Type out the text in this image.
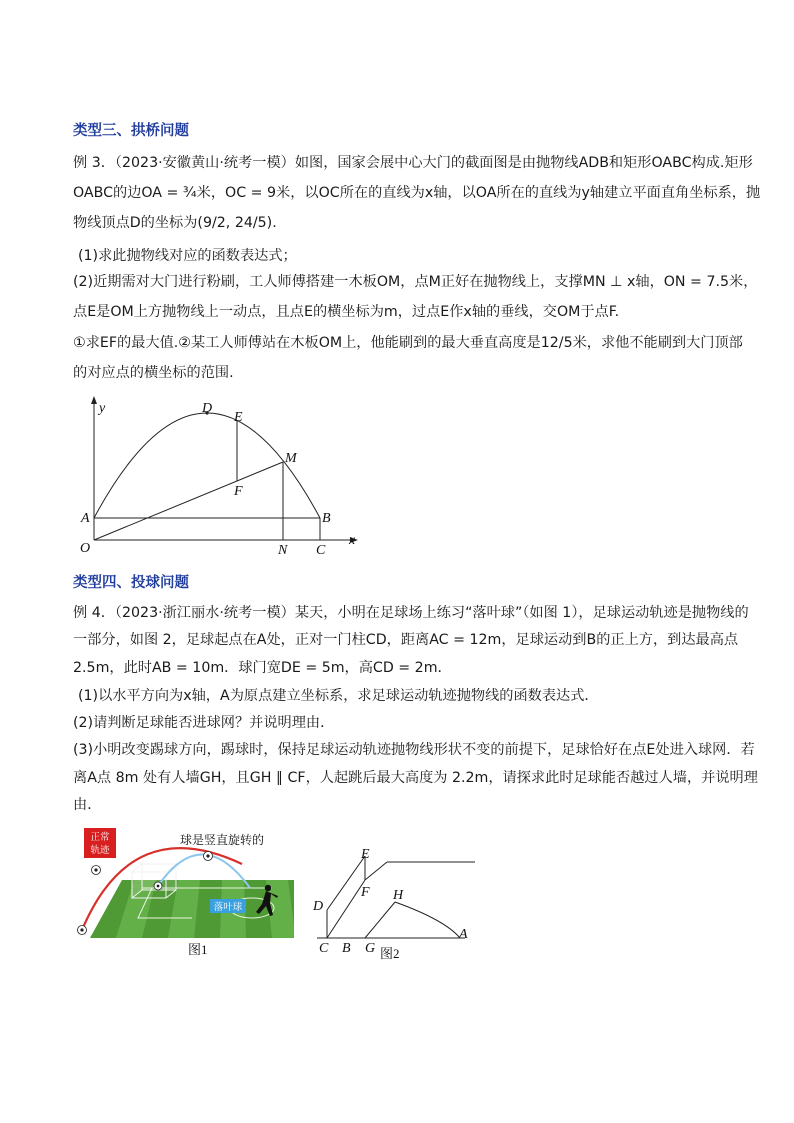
类型三、拱桥问题
例 3．（2023·安徽黄山·统考一模）如图，国家会展中心大门的截面图是由抛物线ADB和矩形OABC构成.矩形
OABC的边OA = ¾米，OC = 9米，以OC所在的直线为x轴，以OA所在的直线为y轴建立平面直角坐标系，抛
物线顶点D的坐标为(9/2, 24/5).
(1)求此抛物线对应的函数表达式；
(2)近期需对大门进行粉刷，工人师傅搭建一木板OM，点M正好在抛物线上，支撑MN ⊥ x轴，ON = 7.5米，
点E是OM上方抛物线上一动点，且点E的横坐标为m，过点E作x轴的垂线，交OM于点F.
①求EF的最大值.②某工人师傅站在木板OM上，他能刷到的最大垂直高度是12/5米，求他不能刷到大门顶部
的对应点的横坐标的范围.
y
x
O
A	B
C
D
E
F
M
N
类型四、投球问题
例 4．（2023·浙江丽水·统考一模）某天，小明在足球场上练习“落叶球”（如图 1），足球运动轨迹是抛物线的
一部分，如图 2，足球起点在A处，正对一门柱CD，距离AC = 12m，足球运动到B的正上方，到达最高点
2.5m，此时AB = 10m．球门宽DE = 5m，高CD = 2m．
(1)以水平方向为x轴，A为原点建立坐标系，求足球运动轨迹抛物线的函数表达式．
(2)请判断足球能否进球网？并说明理由．
(3)小明改变踢球方向，踢球时，保持足球运动轨迹抛物线形状不变的前提下，足球恰好在点E处进入球网．若
离A点 8m 处有人墙GH，且GH ∥ CF，人起跳后最大高度为 2.2m，请探求此时足球能否越过人墙，并说明理
由．
正常
轨迹
球是竖直旋转的
落叶球
图1
E
D
F H
C B G
A
图2
